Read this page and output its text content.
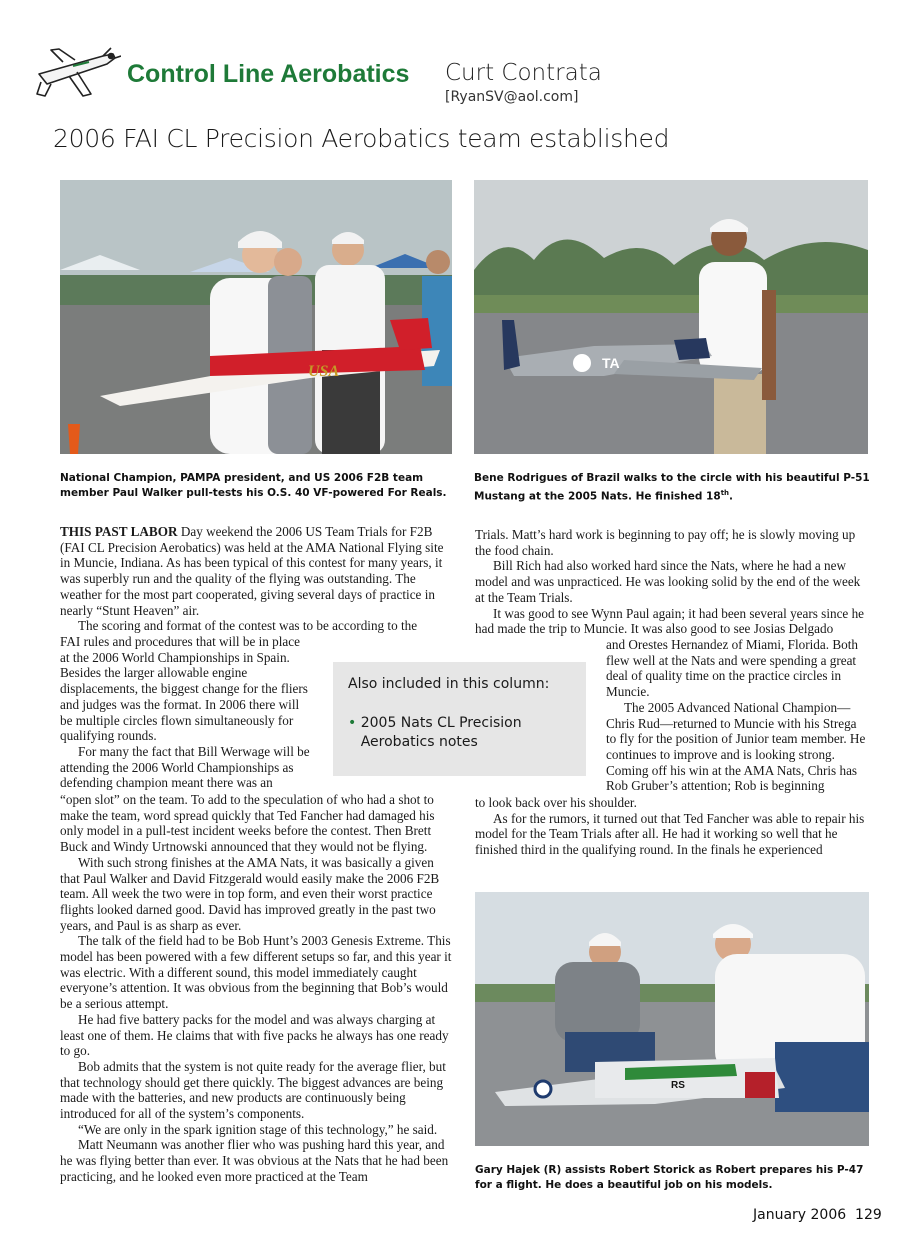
Control Line Aerobatics Curt Contrata
[RyanSV@aol.com]
2006 FAI CL Precision Aerobatics team established
USA	TA
National Champion, PAMPA president, and US 2006 F2B team member Paul Walker pull-tests his O.S. 40 VF-powered For Reals.
Bene Rodrigues of Brazil walks to the circle with his beautiful P-51 Mustang at the 2005 Nats. He finished 18th.

THIS PAST LABOR Day weekend the 2006 US Team Trials for F2B (FAI CL Precision Aerobatics) was held at the AMA National Flying site in Muncie, Indiana. As has been typical of this contest for many years, it was superbly run and the quality of the flying was outstanding. The weather for the most part cooperated, giving several days of practice in nearly “Stunt Heaven” air.

The scoring and format of the contest was to be according to the

FAI rules and procedures that will be in place at the 2006 World Championships in Spain. Besides the larger allowable engine displacements, the biggest change for the fliers and judges was the format. In 2006 there will be multiple circles flown simultaneously for qualifying rounds.

For many the fact that Bill Werwage will be attending the 2006 World Championships as defending champion meant there was an

“open slot” on the team. To add to the speculation of who had a shot to make the team, word spread quickly that Ted Fancher had damaged his only model in a pull-test incident weeks before the contest. Then Brett Buck and Windy Urtnowski announced that they would not be flying.

With such strong finishes at the AMA Nats, it was basically a given that Paul Walker and David Fitzgerald would easily make the 2006 F2B team. All week the two were in top form, and even their worst practice flights looked darned good. David has improved greatly in the past two years, and Paul is as sharp as ever.

The talk of the field had to be Bob Hunt’s 2003 Genesis Extreme. This model has been powered with a few different setups so far, and this year it was electric. With a different sound, this model immediately caught everyone’s attention. It was obvious from the beginning that Bob’s would be a serious attempt.

He had five battery packs for the model and was always charging at least one of them. He claims that with five packs he always has one ready to go.

Bob admits that the system is not quite ready for the average flier, but that technology should get there quickly. The biggest advances are being made with the batteries, and new products are continuously being introduced for all of the system’s components.

“We are only in the spark ignition stage of this technology,” he said.

Matt Neumann was another flier who was pushing hard this year, and he was flying better than ever. It was obvious at the Nats that he had been practicing, and he looked even more practiced at the Team

Also included in this column:
• 2005 Nats CL Precision Aerobatics notes

Trials. Matt’s hard work is beginning to pay off; he is slowly moving up the food chain.

Bill Rich had also worked hard since the Nats, where he had a new model and was unpracticed. He was looking solid by the end of the week at the Team Trials.

It was good to see Wynn Paul again; it had been several years since he had made the trip to Muncie. It was also good to see Josias Delgado

and Orestes Hernandez of Miami, Florida. Both flew well at the Nats and were spending a great deal of quality time on the practice circles in Muncie.

The 2005 Advanced National Champion—Chris Rud—returned to Muncie with his Strega to fly for the position of Junior team member. He continues to improve and is looking strong. Coming off his win at the AMA Nats, Chris has Rob Gruber’s attention; Rob is beginning

to look back over his shoulder.

As for the rumors, it turned out that Ted Fancher was able to repair his model for the Team Trials after all. He had it working so well that he finished third in the qualifying round. In the finals he experienced

RS
Gary Hajek (R) assists Robert Storick as Robert prepares his P-47 for a flight. He does a beautiful job on his models.
January 2006  129
